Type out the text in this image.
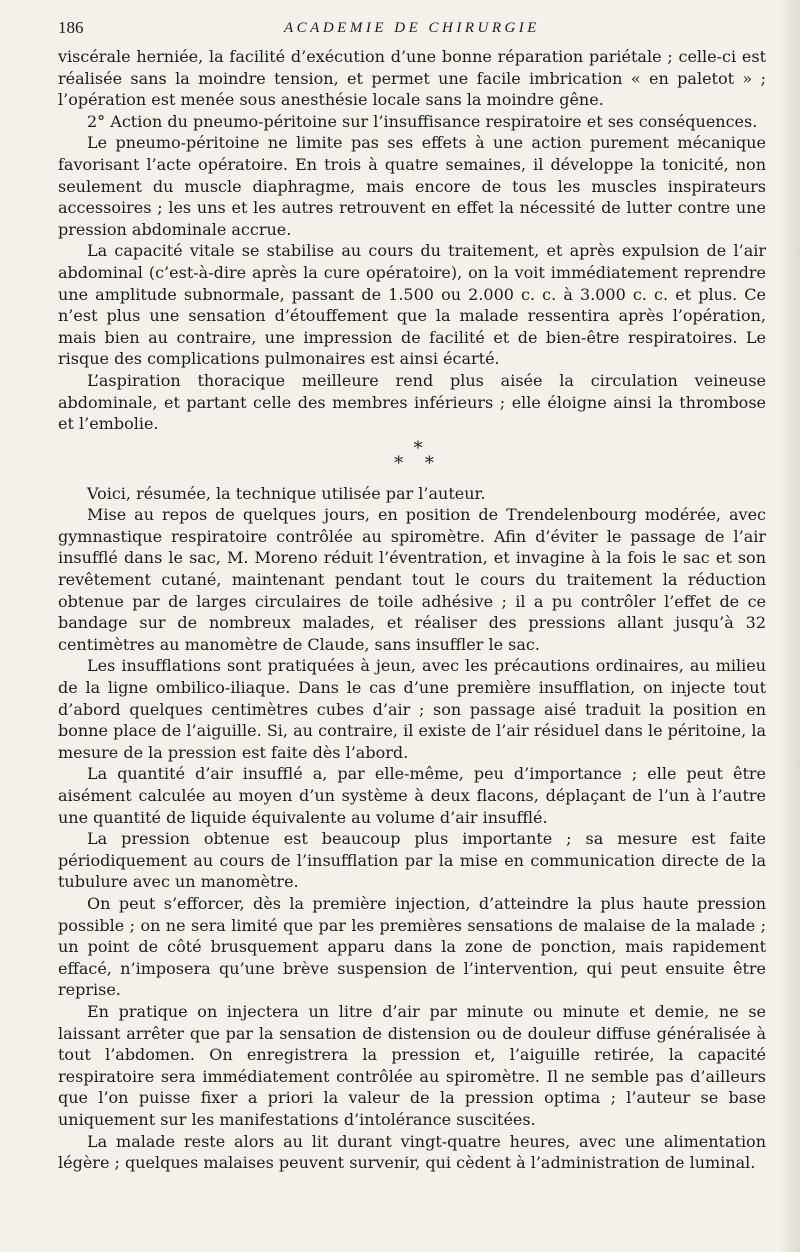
186	ACADEMIE DE CHIRURGIE

viscérale herniée, la facilité d’exécution d’une bonne réparation pariétale ; celle-ci est réalisée sans la moindre tension, et permet une facile imbrication « en paletot » ; l’opération est menée sous anesthésie locale sans la moindre gêne.

2° Action du pneumo-péritoine sur l’insuffisance respiratoire et ses conséquences.

Le pneumo-péritoine ne limite pas ses effets à une action purement mécanique favorisant l’acte opératoire. En trois à quatre semaines, il développe la tonicité, non seulement du muscle diaphragme, mais encore de tous les muscles inspirateurs accessoires ; les uns et les autres retrouvent en effet la nécessité de lutter contre une pression abdominale accrue.

La capacité vitale se stabilise au cours du traitement, et après expulsion de l’air abdominal (c’est-à-dire après la cure opératoire), on la voit immédiatement reprendre une amplitude subnormale, passant de 1.500 ou 2.000 c. c. à 3.000 c. c. et plus. Ce n’est plus une sensation d’étouffement que la malade ressentira après l’opération, mais bien au contraire, une impression de facilité et de bien-être respiratoires. Le risque des complications pulmonaires est ainsi écarté.

L’aspiration thoracique meilleure rend plus aisée la circulation veineuse abdominale, et partant celle des membres inférieurs ; elle éloigne ainsi la thrombose et l’embolie.

*
* *

Voici, résumée, la technique utilisée par l’auteur.

Mise au repos de quelques jours, en position de Trendelenbourg modérée, avec gymnastique respiratoire contrôlée au spiromètre. Afin d’éviter le passage de l’air insufflé dans le sac, M. Moreno réduit l’éventration, et invagine à la fois le sac et son revêtement cutané, maintenant pendant tout le cours du traitement la réduction obtenue par de larges circulaires de toile adhésive ; il a pu contrôler l’effet de ce bandage sur de nombreux malades, et réaliser des pressions allant jusqu’à 32 centimètres au manomètre de Claude, sans insuffler le sac.

Les insufflations sont pratiquées à jeun, avec les précautions ordinaires, au milieu de la ligne ombilico-iliaque. Dans le cas d’une première insufflation, on injecte tout d’abord quelques centimètres cubes d’air ; son passage aisé traduit la position en bonne place de l’aiguille. Si, au contraire, il existe de l’air résiduel dans le péritoine, la mesure de la pression est faite dès l’abord.

La quantité d’air insufflé a, par elle-même, peu d’importance ; elle peut être aisément calculée au moyen d’un système à deux flacons, déplaçant de l’un à l’autre une quantité de liquide équivalente au volume d’air insufflé.

La pression obtenue est beaucoup plus importante ; sa mesure est faite périodiquement au cours de l’insufflation par la mise en communication directe de la tubulure avec un manomètre.

On peut s’efforcer, dès la première injection, d’atteindre la plus haute pression possible ; on ne sera limité que par les premières sensations de malaise de la malade ; un point de côté brusquement apparu dans la zone de ponction, mais rapidement effacé, n’imposera qu’une brève suspension de l’intervention, qui peut ensuite être reprise.

En pratique on injectera un litre d’air par minute ou minute et demie, ne se laissant arrêter que par la sensation de distension ou de douleur diffuse généralisée à tout l’abdomen. On enregistrera la pression et, l’aiguille retirée, la capacité respiratoire sera immédiatement contrôlée au spiromètre. Il ne semble pas d’ailleurs que l’on puisse fixer a priori la valeur de la pression optima ; l’auteur se base uniquement sur les manifestations d’intolérance suscitées.

La malade reste alors au lit durant vingt-quatre heures, avec une alimentation légère ; quelques malaises peuvent survenir, qui cèdent à l’administration de luminal.
